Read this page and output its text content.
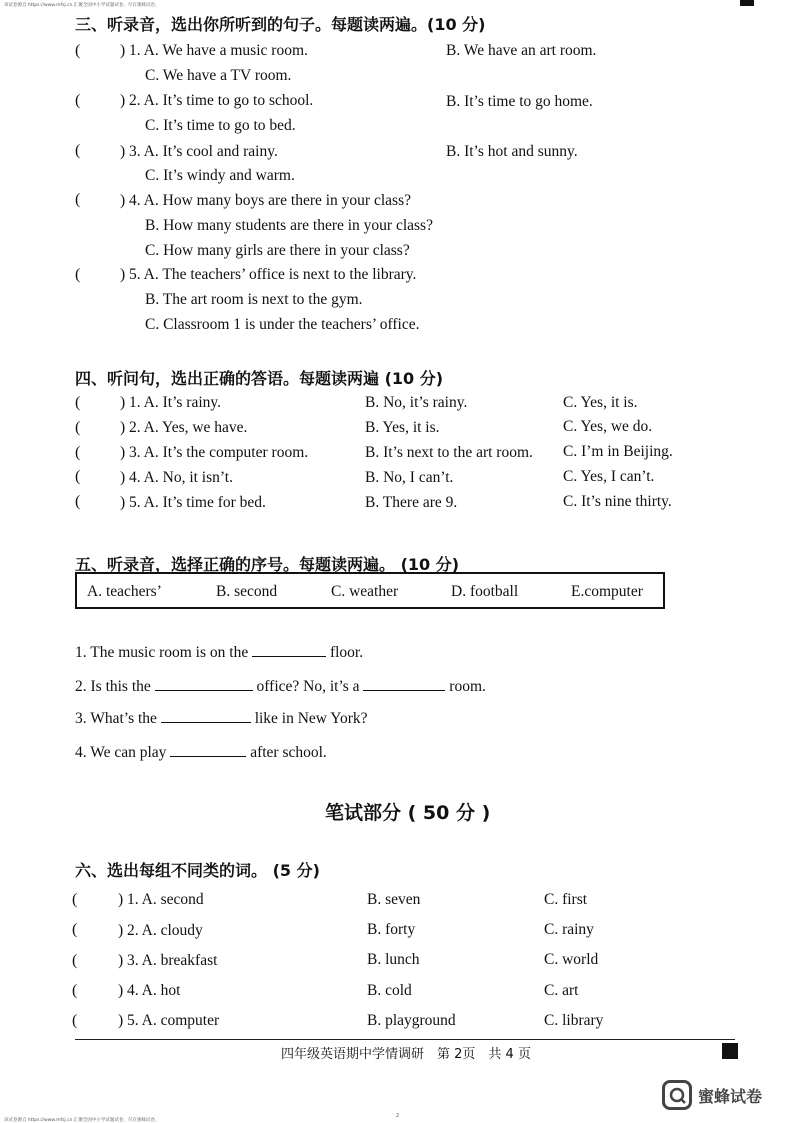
该试卷源自 https://www.mfsj.cn 汇聚全国中小学试题试卷，尽在蜜蜂试卷。
该试卷源自 https://www.mfsj.cn 汇聚全国中小学试题试卷，尽在蜜蜂试卷。
三、听录音，选出你所听到的句子。每题读两遍。(10 分)
(	) 1. A. We have a music room.	B. We have an art room.
C. We have a TV room.
(	) 2. A. It’s time to go to school.	B. It’s time to go home.
C. It’s time to go to bed.
(	) 3. A. It’s cool and rainy.	B. It’s hot and sunny.
C. It’s windy and warm.
(	) 4. A. How many boys are there in your class?
B. How many students are there in your class?
C. How many girls are there in your class?
(	) 5. A. The teachers’ office is next to the library.
B. The art room is next to the gym.
C. Classroom 1 is under the teachers’ office.
四、听问句，选出正确的答语。每题读两遍 (10 分)
(	) 1. A. It’s rainy.	B. No, it’s rainy.	C. Yes, it is.
(	) 2. A. Yes, we have.	B. Yes, it is.	C. Yes, we do.
(	) 3. A. It’s the computer room.	B. It’s next to the art room. C. I’m in Beijing.
(	) 4. A. No, it isn’t.	B. No, I can’t.	C. Yes, I can’t.
(	) 5. A. It’s time for bed.	B. There are 9.	C. It’s nine thirty.
五、听录音，选择正确的序号。每题读两遍。 (10 分)
A. teachers’	B. second	C. weather	D. football	E.computer
1. The music room is on the	floor.
2. Is this the	office? No, it’s a	room.
3. What’s the	like in New York?
4. We can play	after school.
笔试部分 ( 50 分 )
六、选出每组不同类的词。 (5 分)
(	) 1. A. second	B. seven	C. first
(	) 2. A. cloudy	B. forty	C. rainy
(	) 3. A. breakfast	B. lunch	C. world
(	) 4. A. hot	B. cold	C. art
(	) 5. A. computer	B. playground	C. library
四年级英语期中学情调研　第 2页　共 4 页
2
蜜蜂试卷
